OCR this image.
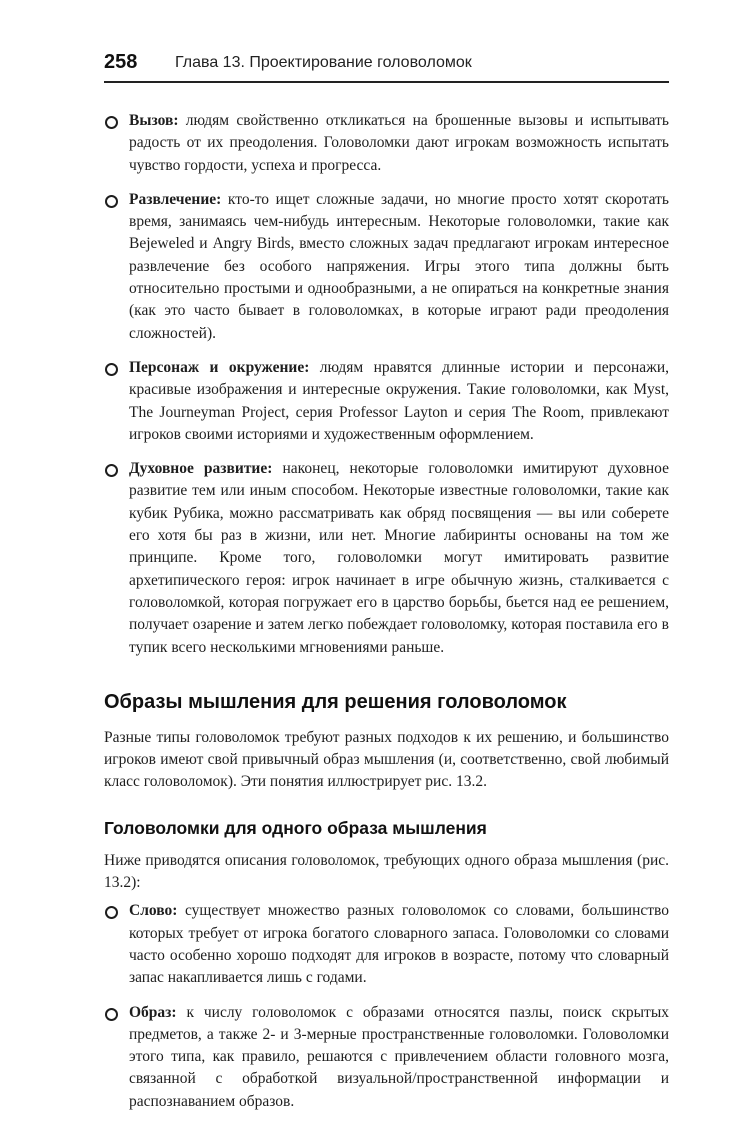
258 Глава 13. Проектирование головоломок

Вызов: людям свойственно откликаться на брошенные вызовы и испытывать радость от их преодоления. Головоломки дают игрокам возможность испытать чувство гордости, успеха и прогресса.

Развлечение: кто-то ищет сложные задачи, но многие просто хотят скоротать время, занимаясь чем-нибудь интересным. Некоторые головоломки, такие как Bejeweled и Angry Birds, вместо сложных задач предлагают игрокам интересное развлечение без особого напряжения. Игры этого типа должны быть относительно простыми и однообразными, а не опираться на конкретные знания (как это часто бывает в головоломках, в которые играют ради преодоления сложностей).

Персонаж и окружение: людям нравятся длинные истории и персонажи, красивые изображения и интересные окружения. Такие головоломки, как Myst, The Journeyman Project, серия Professor Layton и серия The Room, привлекают игроков своими историями и художественным оформлением.

Духовное развитие: наконец, некоторые головоломки имитируют духовное развитие тем или иным способом. Некоторые известные головоломки, такие как кубик Рубика, можно рассматривать как обряд посвящения — вы или соберете его хотя бы раз в жизни, или нет. Многие лабиринты основаны на том же принципе. Кроме того, головоломки могут имитировать развитие архетипического героя: игрок начинает в игре обычную жизнь, сталкивается с головоломкой, которая погружает его в царство борьбы, бьется над ее решением, получает озарение и затем легко побеждает головоломку, которая поставила его в тупик всего несколькими мгновениями раньше.

Образы мышления для решения головоломок

Разные типы головоломок требуют разных подходов к их решению, и большинство игроков имеют свой привычный образ мышления (и, соответственно, свой любимый класс головоломок). Эти понятия иллюстрирует рис. 13.2.

Головоломки для одного образа мышления

Ниже приводятся описания головоломок, требующих одного образа мышления (рис. 13.2):

Слово: существует множество разных головоломок со словами, большинство которых требует от игрока богатого словарного запаса. Головоломки со словами часто особенно хорошо подходят для игроков в возрасте, потому что словарный запас накапливается лишь с годами.

Образ: к числу головоломок с образами относятся пазлы, поиск скрытых предметов, а также 2- и 3-мерные пространственные головоломки. Головоломки этого типа, как правило, решаются с привлечением области головного мозга, связанной с обработкой визуальной/пространственной информации и распознаванием образов.
